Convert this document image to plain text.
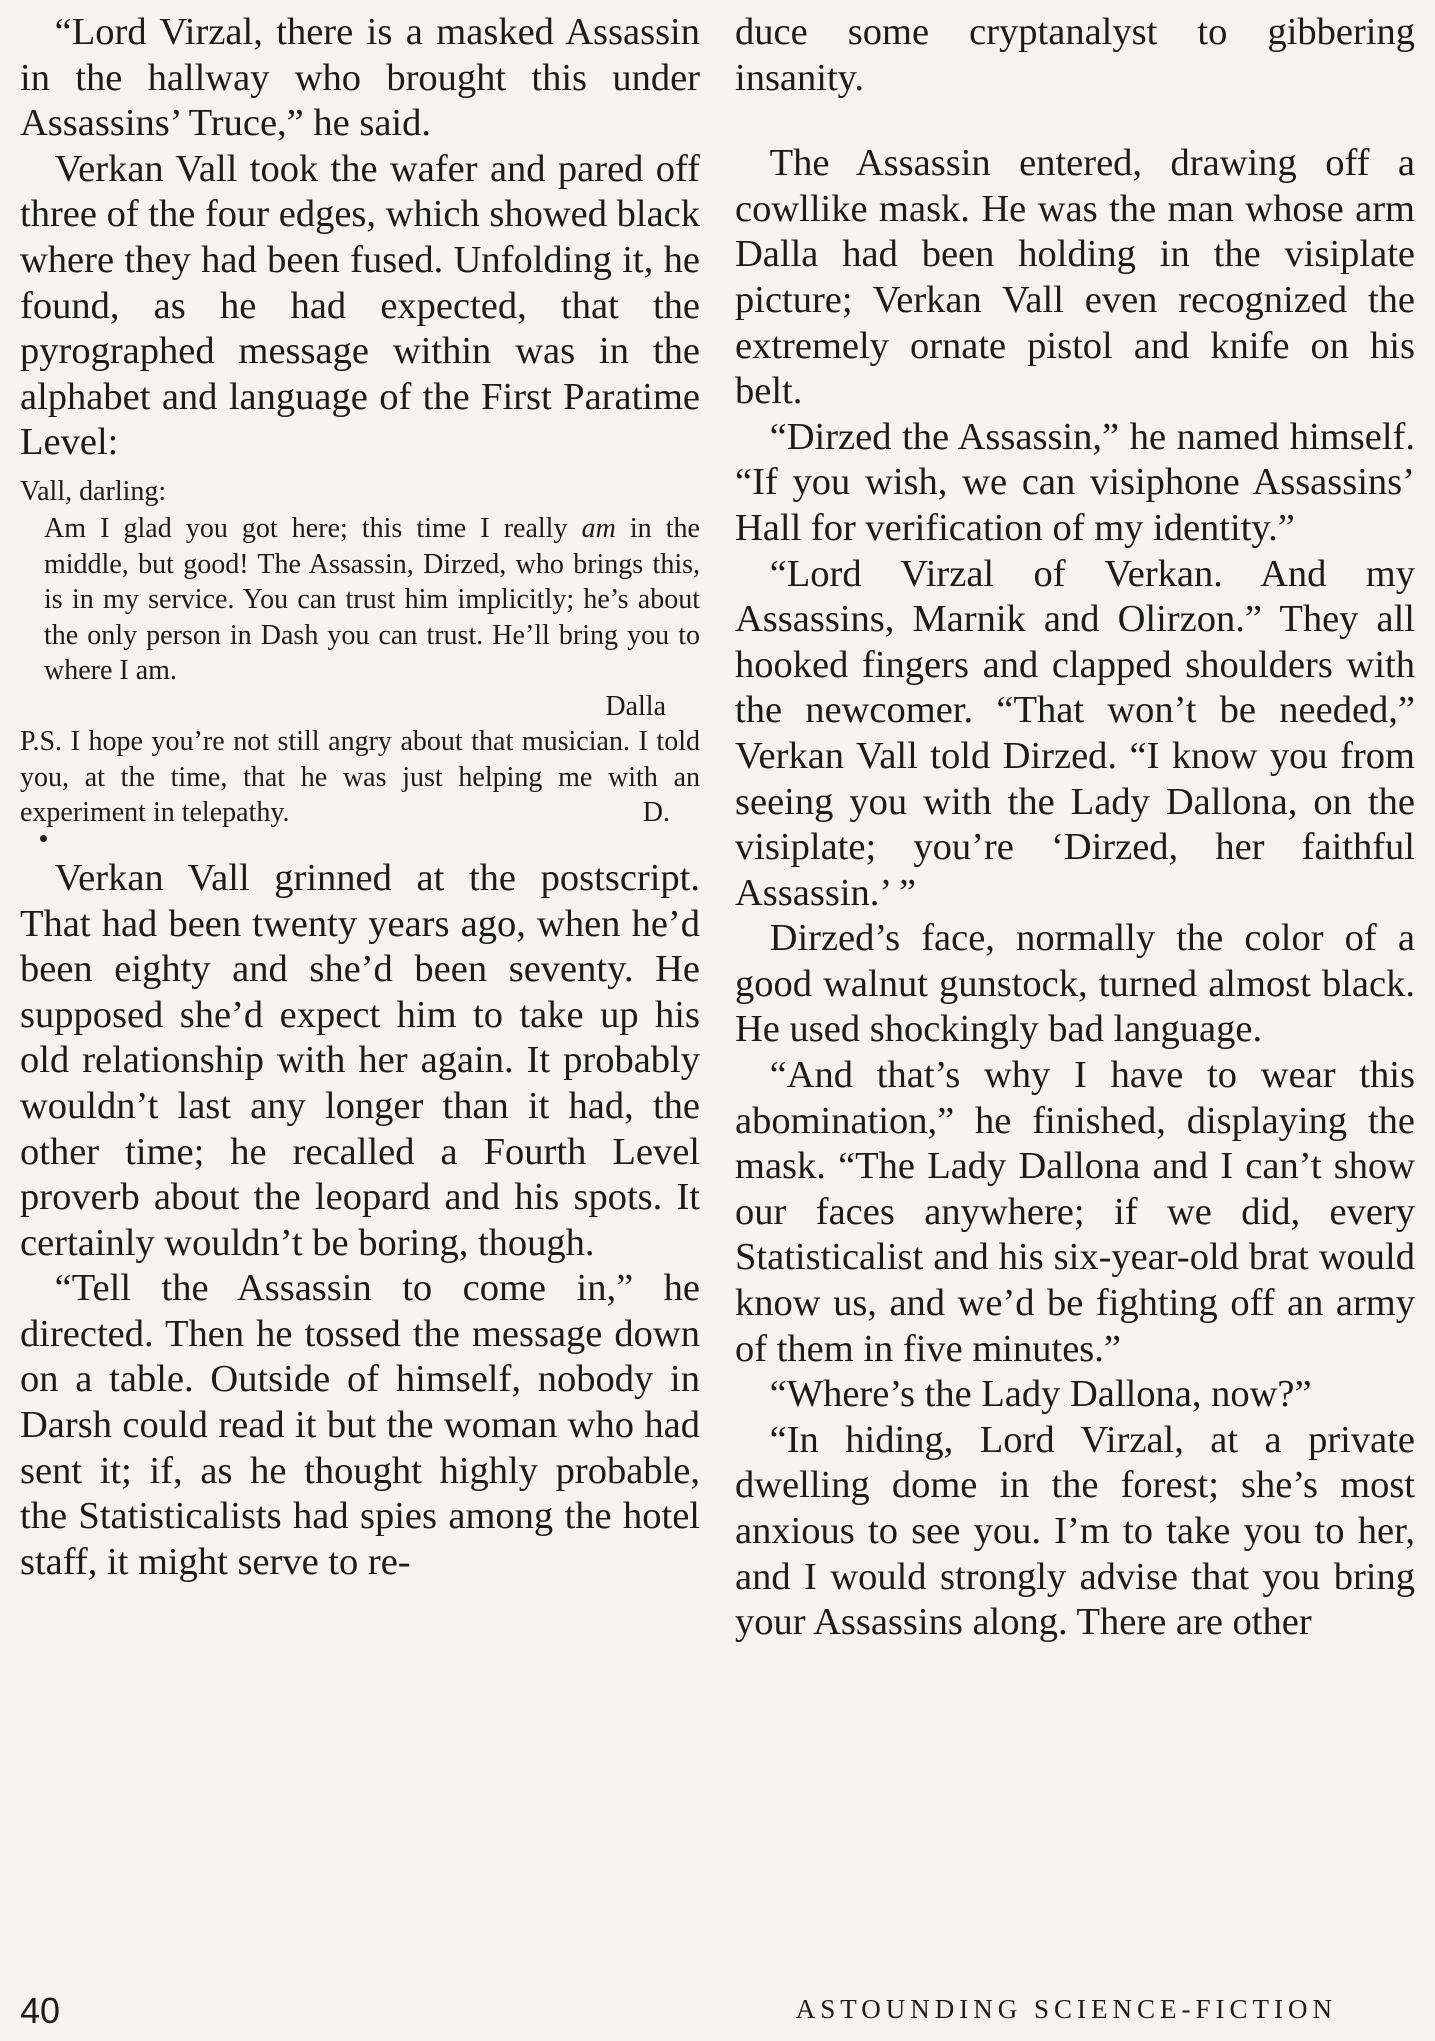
“Lord Virzal, there is a masked Assassin in the hallway who brought this under Assassins’ Truce,” he said.

Verkan Vall took the wafer and pared off three of the four edges, which showed black where they had been fused. Unfolding it, he found, as he had expected, that the pyrographed message within was in the alphabet and language of the First Paratime Level:

Vall, darling:

Am I glad you got here; this time I really am in the middle, but good! The Assassin, Dirzed, who brings this, is in my service. You can trust him implicitly; he’s about the only person in Dash you can trust. He’ll bring you to where I am.

Dalla

P.S. I hope you’re not still angry about that musician. I told you, at the time, that he was just helping me with an experiment in telepathy.	D.

Verkan Vall grinned at the postscript. That had been twenty years ago, when he’d been eighty and she’d been seventy. He supposed she’d expect him to take up his old relationship with her again. It probably wouldn’t last any longer than it had, the other time; he recalled a Fourth Level proverb about the leopard and his spots. It certainly wouldn’t be boring, though.

“Tell the Assassin to come in,” he directed. Then he tossed the message down on a table. Outside of himself, nobody in Darsh could read it but the woman who had sent it; if, as he thought highly probable, the Statisticalists had spies among the hotel staff, it might serve to re-

duce some cryptanalyst to gibbering insanity.

The Assassin entered, drawing off a cowllike mask. He was the man whose arm Dalla had been holding in the visiplate picture; Verkan Vall even recognized the extremely ornate pistol and knife on his belt.

“Dirzed the Assassin,” he named himself. “If you wish, we can visiphone Assassins’ Hall for verification of my identity.”

“Lord Virzal of Verkan. And my Assassins, Marnik and Olirzon.” They all hooked fingers and clapped shoulders with the newcomer. “That won’t be needed,” Verkan Vall told Dirzed. “I know you from seeing you with the Lady Dallona, on the visiplate; you’re ‘Dirzed, her faithful Assassin.’ ”

Dirzed’s face, normally the color of a good walnut gunstock, turned almost black. He used shockingly bad language.

“And that’s why I have to wear this abomination,” he finished, displaying the mask. “The Lady Dallona and I can’t show our faces anywhere; if we did, every Statisticalist and his six-year-old brat would know us, and we’d be fighting off an army of them in five minutes.”

“Where’s the Lady Dallona, now?”

“In hiding, Lord Virzal, at a private dwelling dome in the forest; she’s most anxious to see you. I’m to take you to her, and I would strongly advise that you bring your Assassins along. There are other

40	ASTOUNDING SCIENCE-FICTION
